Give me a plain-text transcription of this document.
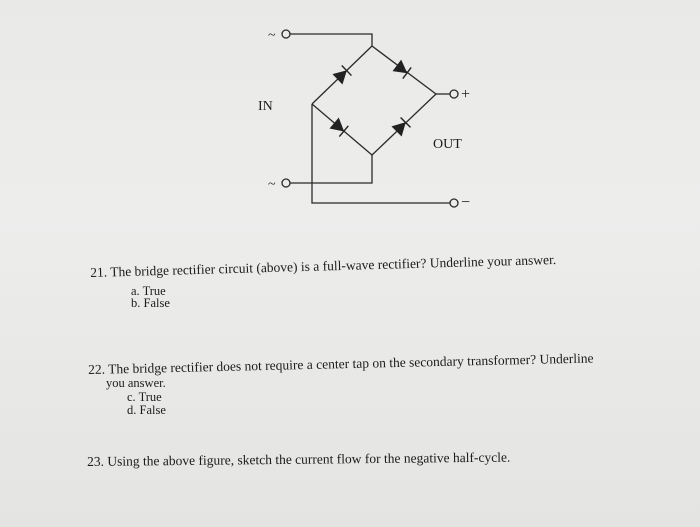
~
~
IN
OUT
+
−
21. The bridge rectifier circuit (above) is a full-wave rectifier? Underline your answer.
a. True
b. False
22. The bridge rectifier does not require a center tap on the secondary transformer? Underline
you answer.
c. True
d. False
23. Using the above figure, sketch the current flow for the negative half-cycle.
